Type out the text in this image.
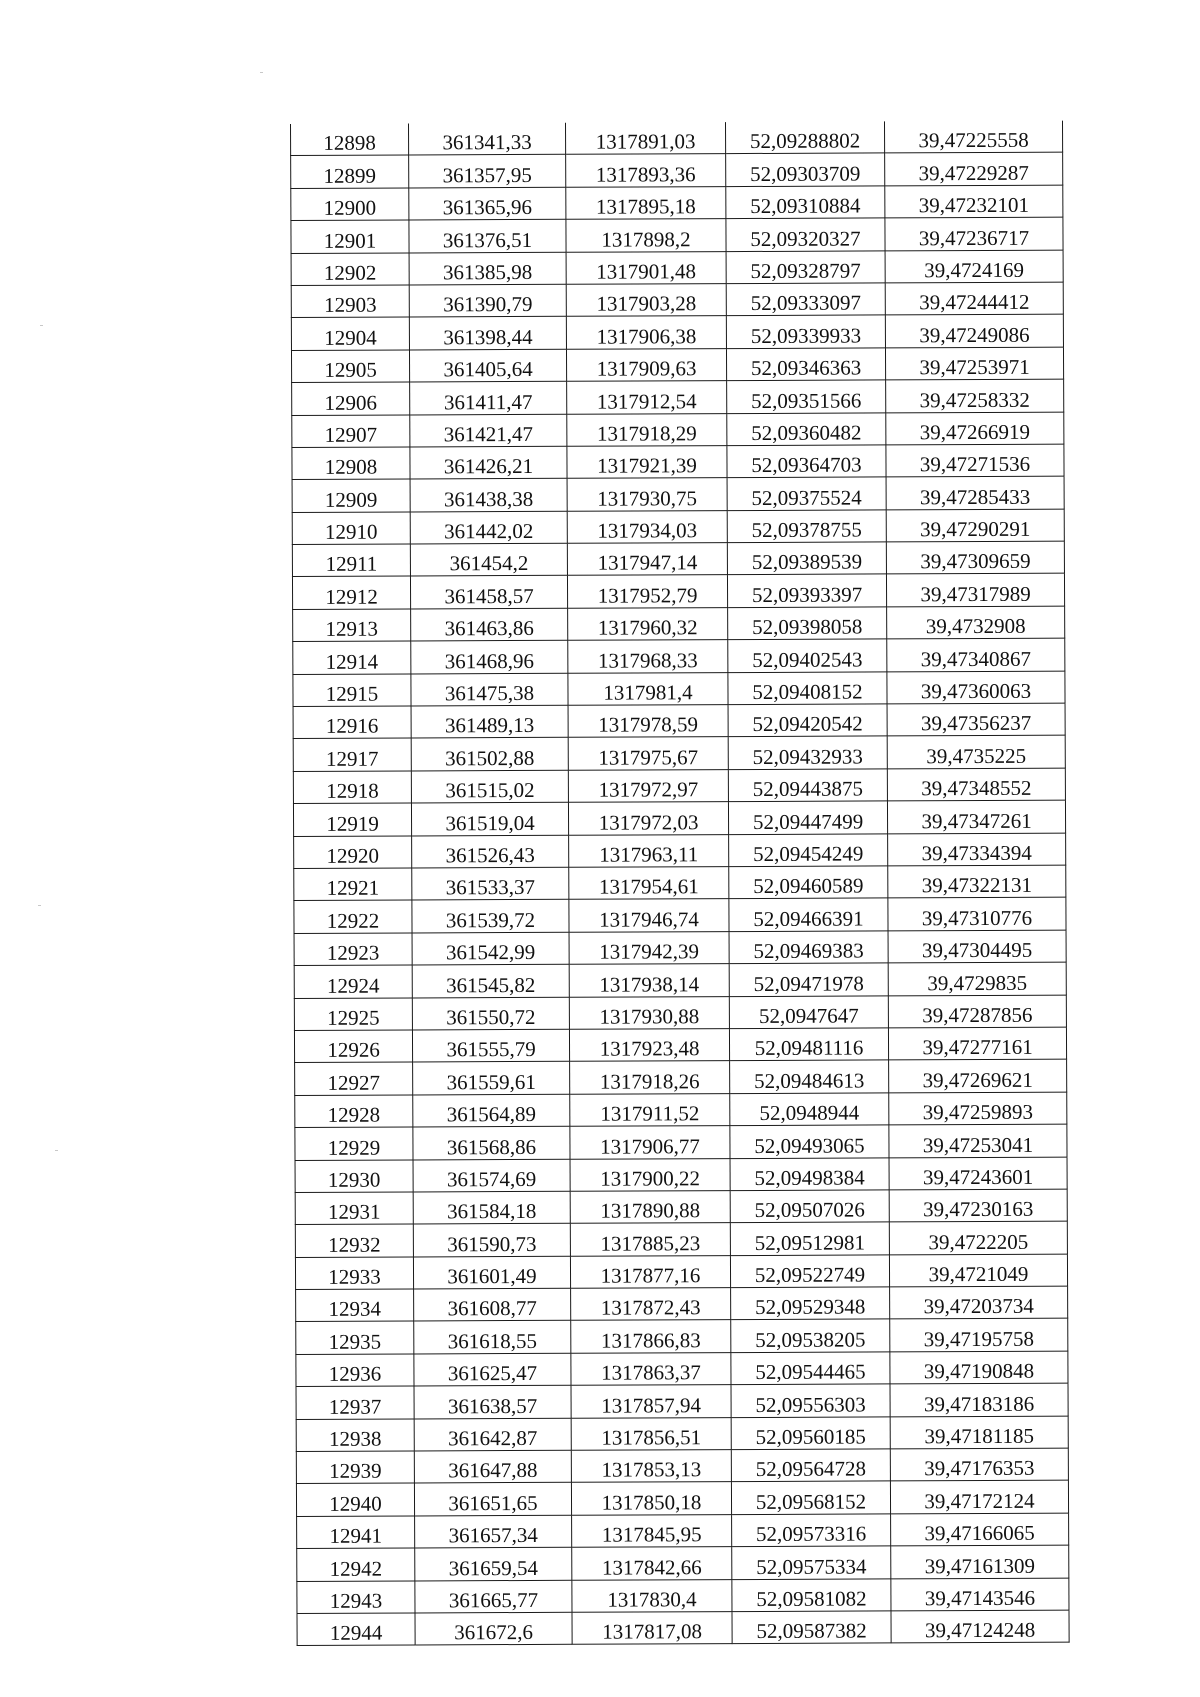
12898	361341,33	1317891,03	52,09288802	39,47225558
12899	361357,95	1317893,36	52,09303709	39,47229287
12900	361365,96	1317895,18	52,09310884	39,47232101
12901	361376,51	1317898,2	52,09320327	39,47236717
12902	361385,98	1317901,48	52,09328797	39,4724169
12903	361390,79	1317903,28	52,09333097	39,47244412
12904	361398,44	1317906,38	52,09339933	39,47249086
12905	361405,64	1317909,63	52,09346363	39,47253971
12906	361411,47	1317912,54	52,09351566	39,47258332
12907	361421,47	1317918,29	52,09360482	39,47266919
12908	361426,21	1317921,39	52,09364703	39,47271536
12909	361438,38	1317930,75	52,09375524	39,47285433
12910	361442,02	1317934,03	52,09378755	39,47290291
12911	361454,2	1317947,14	52,09389539	39,47309659
12912	361458,57	1317952,79	52,09393397	39,47317989
12913	361463,86	1317960,32	52,09398058	39,4732908
12914	361468,96	1317968,33	52,09402543	39,47340867
12915	361475,38	1317981,4	52,09408152	39,47360063
12916	361489,13	1317978,59	52,09420542	39,47356237
12917	361502,88	1317975,67	52,09432933	39,4735225
12918	361515,02	1317972,97	52,09443875	39,47348552
12919	361519,04	1317972,03	52,09447499	39,47347261
12920	361526,43	1317963,11	52,09454249	39,47334394
12921	361533,37	1317954,61	52,09460589	39,47322131
12922	361539,72	1317946,74	52,09466391	39,47310776
12923	361542,99	1317942,39	52,09469383	39,47304495
12924	361545,82	1317938,14	52,09471978	39,4729835
12925	361550,72	1317930,88	52,0947647	39,47287856
12926	361555,79	1317923,48	52,09481116	39,47277161
12927	361559,61	1317918,26	52,09484613	39,47269621
12928	361564,89	1317911,52	52,0948944	39,47259893
12929	361568,86	1317906,77	52,09493065	39,47253041
12930	361574,69	1317900,22	52,09498384	39,47243601
12931	361584,18	1317890,88	52,09507026	39,47230163
12932	361590,73	1317885,23	52,09512981	39,4722205
12933	361601,49	1317877,16	52,09522749	39,4721049
12934	361608,77	1317872,43	52,09529348	39,47203734
12935	361618,55	1317866,83	52,09538205	39,47195758
12936	361625,47	1317863,37	52,09544465	39,47190848
12937	361638,57	1317857,94	52,09556303	39,47183186
12938	361642,87	1317856,51	52,09560185	39,47181185
12939	361647,88	1317853,13	52,09564728	39,47176353
12940	361651,65	1317850,18	52,09568152	39,47172124
12941	361657,34	1317845,95	52,09573316	39,47166065
12942	361659,54	1317842,66	52,09575334	39,47161309
12943	361665,77	1317830,4	52,09581082	39,47143546
12944	361672,6	1317817,08	52,09587382	39,47124248
